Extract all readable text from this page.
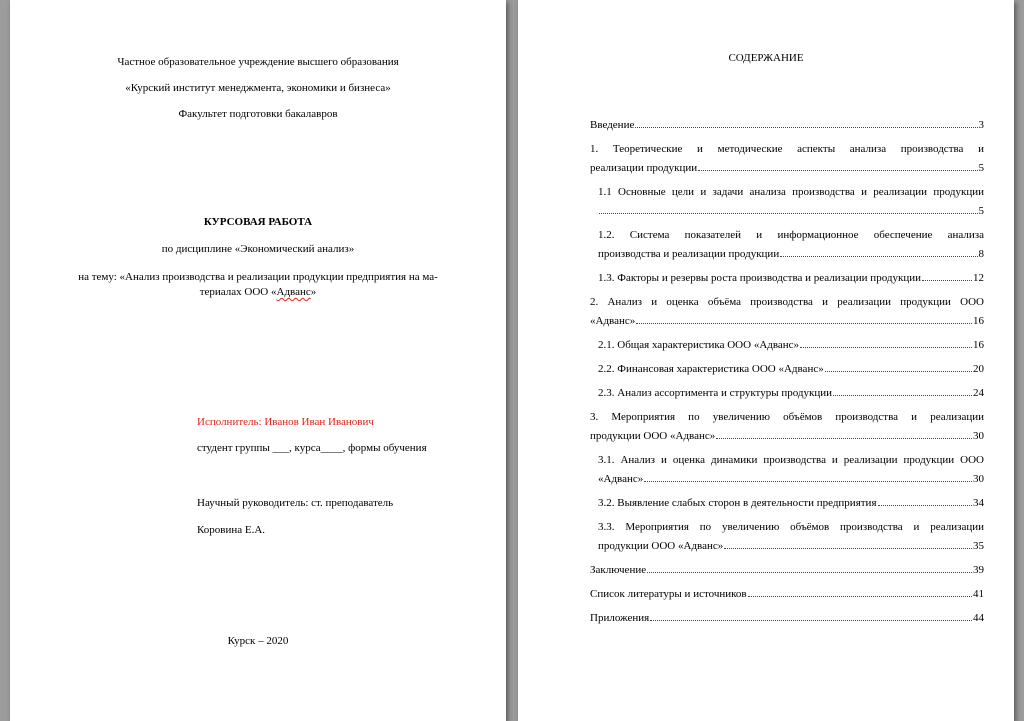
Частное образовательное учреждение высшего образования
«Курский институт менеджмента, экономики и бизнеса»
Факультет подготовки бакалавров
КУРСОВАЯ РАБОТА
по дисциплине «Экономический анализ»
на тему: «Анализ производства и реализации продукции предприятия на ма-
териалах ООО «Адванс»
Исполнитель: Иванов Иван Иванович
студент группы ___, курса____, формы обучения
Научный руководитель: ст. преподаватель
Коровина Е.А.
Курск – 2020
СОДЕРЖАНИЕ
Введение	3
1. Теоретические и методические аспекты анализа производства и
реализации продукции	5
1.1 Основные цели и задачи анализа производства и реализации продукции
5
1.2. Система показателей и информационное обеспечение анализа
производства и реализации продукции	8
1.3. Факторы и резервы роста производства и реализации продукции	12
2. Анализ и оценка объёма производства и реализации продукции ООО
«Адванс»	16
2.1. Общая характеристика ООО «Адванс»	16
2.2. Финансовая характеристика ООО «Адванс»	20
2.3. Анализ ассортимента и структуры продукции	24
3. Мероприятия по увеличению объёмов производства и реализации
продукции ООО «Адванс»	30
3.1. Анализ и оценка динамики производства и реализации продукции ООО
«Адванс»	30
3.2. Выявление слабых сторон в деятельности предприятия	34
3.3. Мероприятия по увеличению объёмов производства и реализации
продукции ООО «Адванс»	35
Заключение	39
Список литературы и источников	41
Приложения	44
